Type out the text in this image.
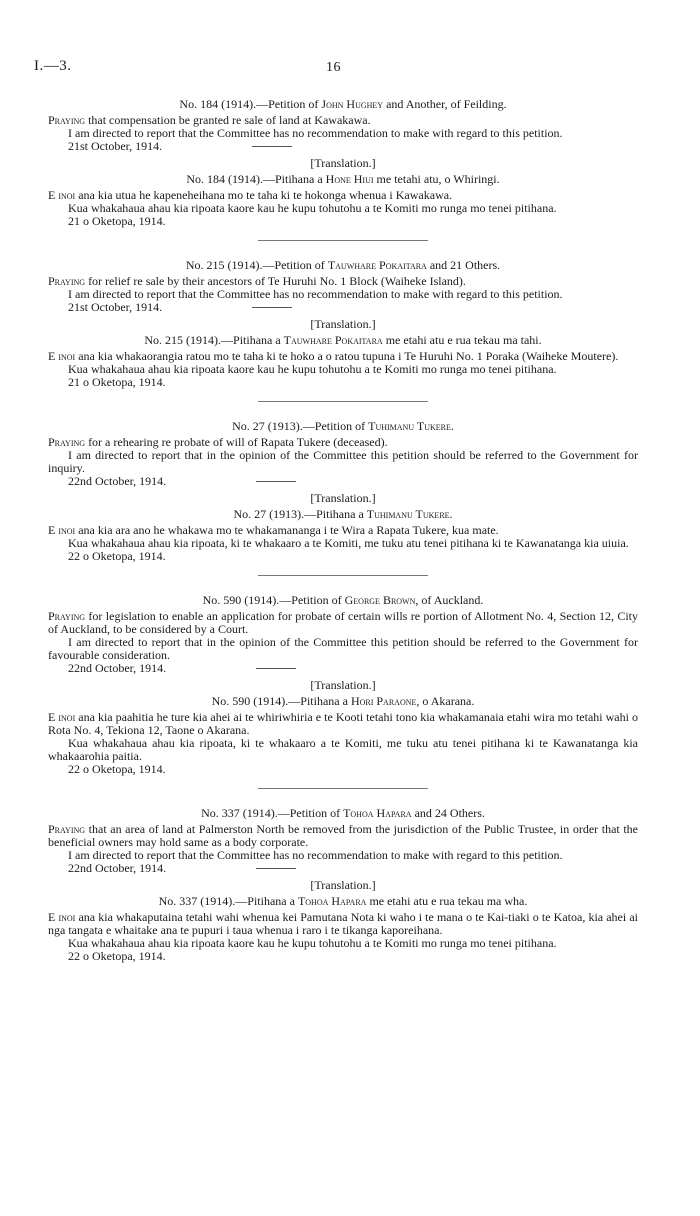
I.—3.	16

No. 184 (1914).—Petition of John Hughey and Another, of Feilding.

Praying that compensation be granted re sale of land at Kawakawa.

I am directed to report that the Committee has no recommendation to make with regard to this petition.

21st October, 1914.

[Translation.]

No. 184 (1914).—Pitihana a Hone Hiui me tetahi atu, o Whiringi.

E inoi ana kia utua he kapeneheihana mo te taha ki te hokonga whenua i Kawakawa.

Kua whakahaua ahau kia ripoata kaore kau he kupu tohutohu a te Komiti mo runga mo tenei pitihana.

21 o Oketopa, 1914.

No. 215 (1914).—Petition of Tauwhare Pokaitara and 21 Others.

Praying for relief re sale by their ancestors of Te Huruhi No. 1 Block (Waiheke Island).

I am directed to report that the Committee has no recommendation to make with regard to this petition.

21st October, 1914.

[Translation.]

No. 215 (1914).—Pitihana a Tauwhare Pokaitara me etahi atu e rua tekau ma tahi.

E inoi ana kia whakaorangia ratou mo te taha ki te hoko a o ratou tupuna i Te Huruhi No. 1 Poraka (Waiheke Moutere).

Kua whakahaua ahau kia ripoata kaore kau he kupu tohutohu a te Komiti mo runga mo tenei pitihana.

21 o Oketopa, 1914.

No. 27 (1913).—Petition of Tuhimanu Tukere.

Praying for a rehearing re probate of will of Rapata Tukere (deceased).

I am directed to report that in the opinion of the Committee this petition should be referred to the Government for inquiry.

22nd October, 1914.

[Translation.]

No. 27 (1913).—Pitihana a Tuhimanu Tukere.

E inoi ana kia ara ano he whakawa mo te whakamananga i te Wira a Rapata Tukere, kua mate.

Kua whakahaua ahau kia ripoata, ki te whakaaro a te Komiti, me tuku atu tenei pitihana ki te Kawanatanga kia uiuia.

22 o Oketopa, 1914.

No. 590 (1914).—Petition of George Brown, of Auckland.

Praying for legislation to enable an application for probate of certain wills re portion of Allotment No. 4, Section 12, City of Auckland, to be considered by a Court.

I am directed to report that in the opinion of the Committee this petition should be referred to the Government for favourable consideration.

22nd October, 1914.

[Translation.]

No. 590 (1914).—Pitihana a Hori Paraone, o Akarana.

E inoi ana kia paahitia he ture kia ahei ai te whiriwhiria e te Kooti tetahi tono kia whakamanaia etahi wira mo tetahi wahi o Rota No. 4, Tekiona 12, Taone o Akarana.

Kua whakahaua ahau kia ripoata, ki te whakaaro a te Komiti, me tuku atu tenei pitihana ki te Kawanatanga kia whakaarohia paitia.

22 o Oketopa, 1914.

No. 337 (1914).—Petition of Tohoa Hapara and 24 Others.

Praying that an area of land at Palmerston North be removed from the jurisdiction of the Public Trustee, in order that the beneficial owners may hold same as a body corporate.

I am directed to report that the Committee has no recommendation to make with regard to this petition.

22nd October, 1914.

[Translation.]

No. 337 (1914).—Pitihana a Tohoa Hapara me etahi atu e rua tekau ma wha.

E inoi ana kia whakaputaina tetahi wahi whenua kei Pamutana Nota ki waho i te mana o te Kai-tiaki o te Katoa, kia ahei ai nga tangata e whaitake ana te pupuri i taua whenua i raro i te tikanga kaporeihana.

Kua whakahaua ahau kia ripoata kaore kau he kupu tohutohu a te Komiti mo runga mo tenei pitihana.

22 o Oketopa, 1914.
